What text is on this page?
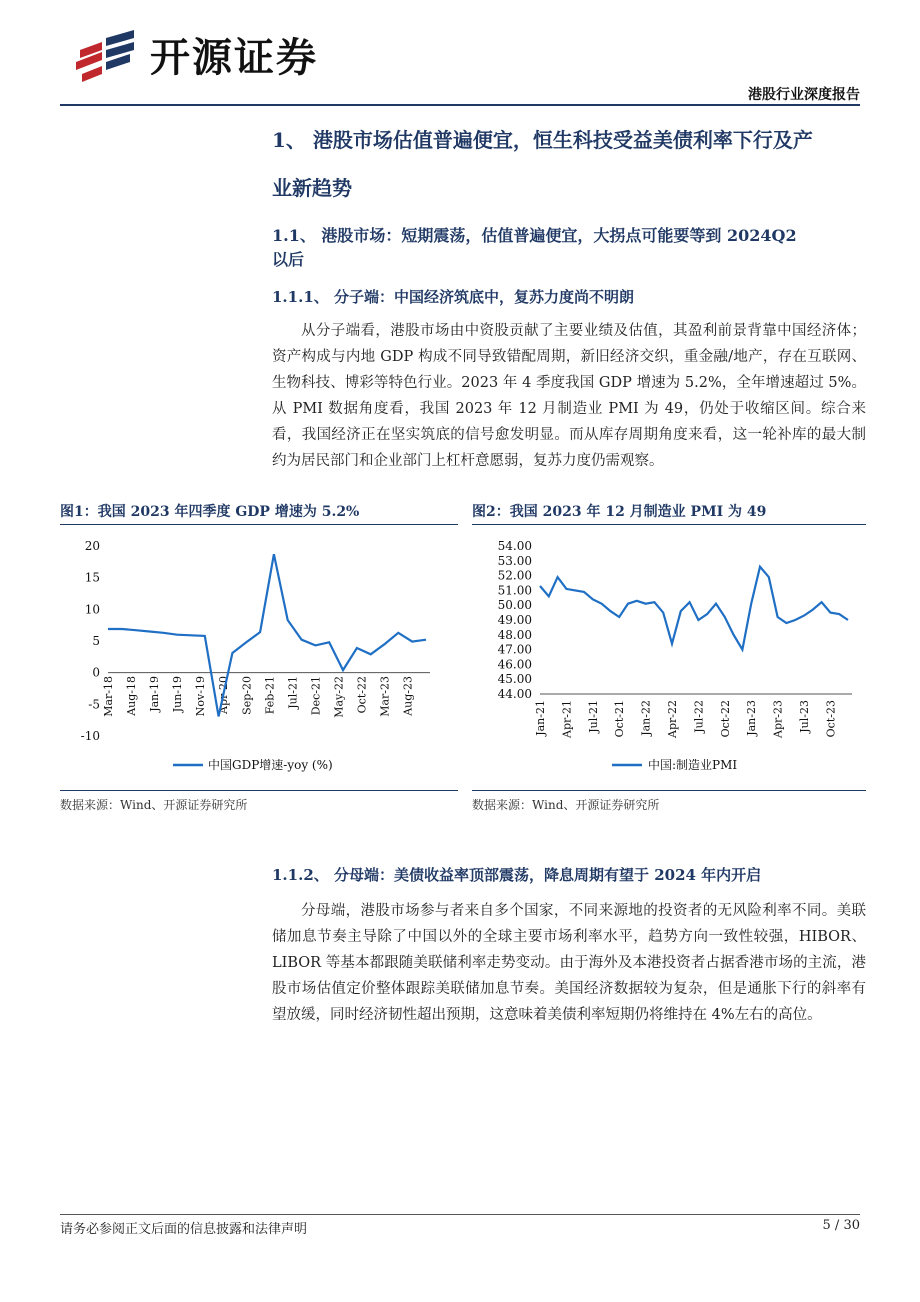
开源证券
港股行业深度报告
1、 港股市场估值普遍便宜，恒生科技受益美债利率下行及产
业新趋势
1.1、 港股市场：短期震荡，估值普遍便宜，大拐点可能要等到 2024Q2
以后
1.1.1、 分子端：中国经济筑底中，复苏力度尚不明朗
从分子端看，港股市场由中资股贡献了主要业绩及估值，其盈利前景背靠中国经济体；资产构成与内地 GDP 构成不同导致错配周期，新旧经济交织，重金融/地产，存在互联网、生物科技、博彩等特色行业。2023 年 4 季度我国 GDP 增速为 5.2%，全年增速超过 5%。从 PMI 数据角度看，我国 2023 年 12 月制造业 PMI 为 49，仍处于收缩区间。综合来看，我国经济正在坚实筑底的信号愈发明显。而从库存周期角度来看，这一轮补库的最大制约为居民部门和企业部门上杠杆意愿弱，复苏力度仍需观察。
图1：我国 2023 年四季度 GDP 增速为 5.2%
20
15
10
5
0
-5
-10
Mar-18 Aug-18 Jan-19 Jun-19 Nov-19 Apr-20 Sep-20 Feb-21 Jul-21 Dec-21 May-22 Oct-22 Mar-23 Aug-23
中国GDP增速-yoy (%)
数据来源：Wind、开源证券研究所
图2：我国 2023 年 12 月制造业 PMI 为 49
54.00
53.00
52.00
51.00
50.00
49.00
48.00
47.00
46.00
45.00
44.00
Jan-21 Apr-21 Jul-21 Oct-21 Jan-22 Apr-22 Jul-22 Oct-22 Jan-23 Apr-23 Jul-23 Oct-23
中国:制造业PMI
数据来源：Wind、开源证券研究所
1.1.2、 分母端：美债收益率顶部震荡，降息周期有望于 2024 年内开启
分母端，港股市场参与者来自多个国家，不同来源地的投资者的无风险利率不同。美联储加息节奏主导除了中国以外的全球主要市场利率水平，趋势方向一致性较强，HIBOR、LIBOR 等基本都跟随美联储利率走势变动。由于海外及本港投资者占据香港市场的主流，港股市场估值定价整体跟踪美联储加息节奏。美国经济数据较为复杂，但是通胀下行的斜率有望放缓，同时经济韧性超出预期，这意味着美债利率短期仍将维持在 4%左右的高位。
请务必参阅正文后面的信息披露和法律声明	5 / 30
